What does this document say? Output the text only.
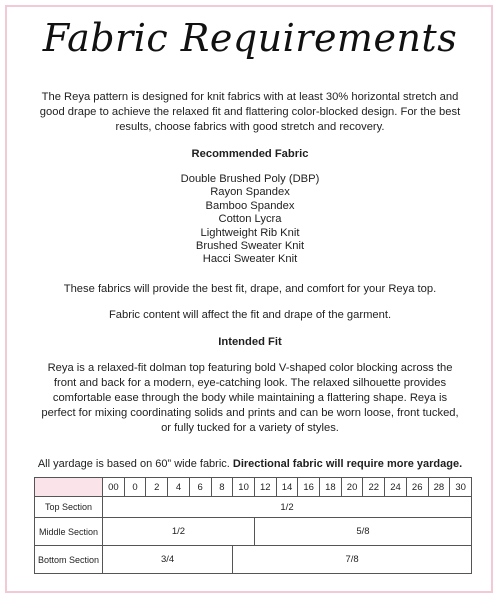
Fabric Requirements
The Reya pattern is designed for knit fabrics with at least 30% horizontal stretch and good drape to achieve the relaxed fit and flattering color-blocked design. For the best results, choose fabrics with good stretch and recovery.
Recommended Fabric
Double Brushed Poly (DBP)
Rayon Spandex
Bamboo Spandex
Cotton Lycra
Lightweight Rib Knit
Brushed Sweater Knit
Hacci Sweater Knit
These fabrics will provide the best fit, drape, and comfort for your Reya top.
Fabric content will affect the fit and drape of the garment.
Intended Fit
Reya is a relaxed-fit dolman top featuring bold V-shaped color blocking across the front and back for a modern, eye-catching look. The relaxed silhouette provides comfortable ease through the body while maintaining a flattering shape. Reya is perfect for mixing coordinating solids and prints and can be worn loose, front tucked, or fully tucked for a variety of styles.
All yardage is based on 60” wide fabric. Directional fabric will require more yardage.
	00	0	2	4	6	8	10	12	14	16	18	20	22	24	26	28	30
Top Section	1/2																
Middle Section	1/2							5/8									
Bottom Section	3/4						7/8										
